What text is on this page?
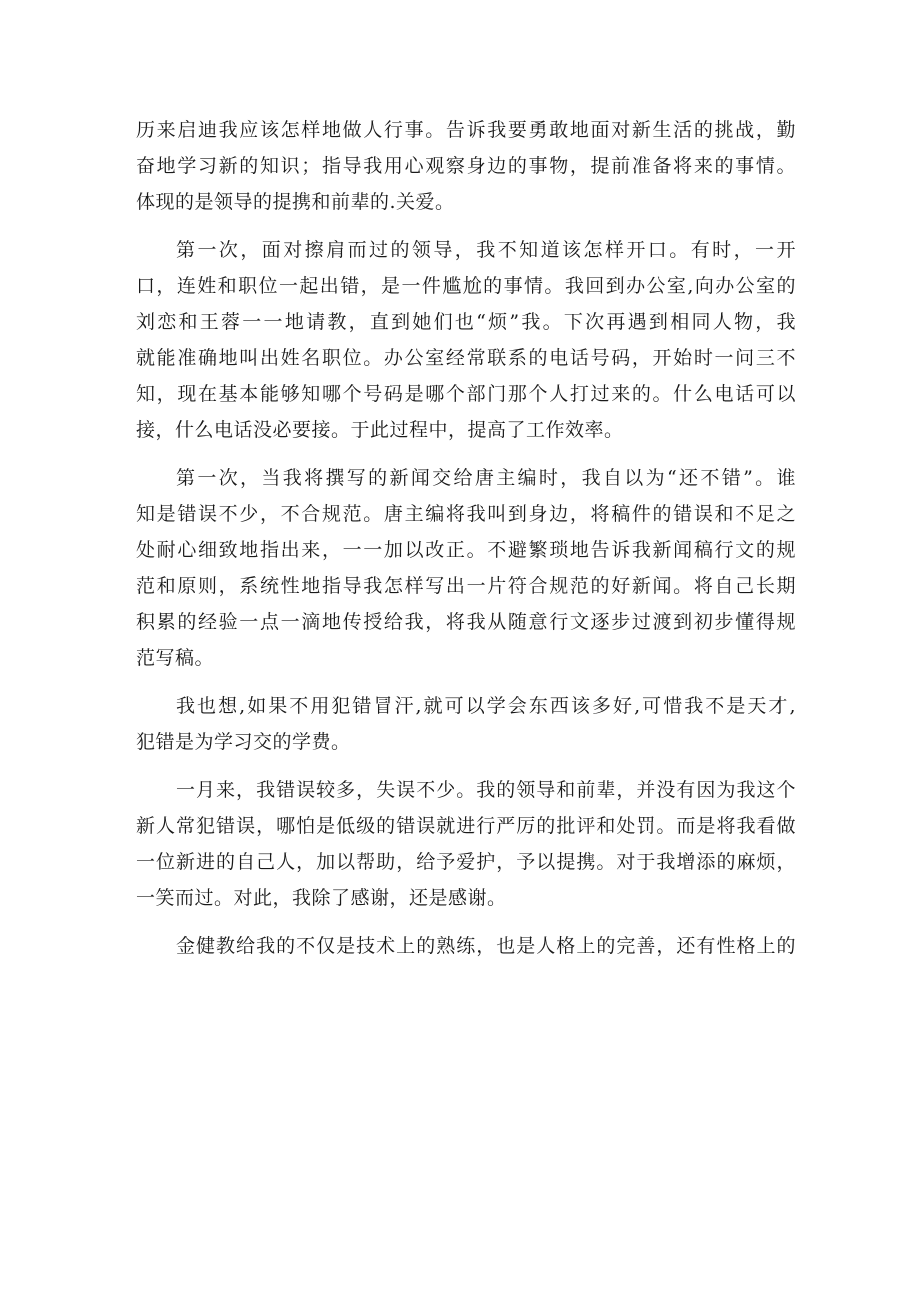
历来启迪我应该怎样地做人行事。告诉我要勇敢地面对新生活的挑战，勤
奋地学习新的知识；指导我用心观察身边的事物，提前准备将来的事情。
体现的是领导的提携和前辈的.关爱。
第一次，面对擦肩而过的领导，我不知道该怎样开口。有时，一开
口，连姓和职位一起出错，是一件尴尬的事情。我回到办公室,向办公室的
刘恋和王蓉一一地请教，直到她们也“烦”我。下次再遇到相同人物，我
就能准确地叫出姓名职位。办公室经常联系的电话号码，开始时一问三不
知，现在基本能够知哪个号码是哪个部门那个人打过来的。什么电话可以
接，什么电话没必要接。于此过程中，提高了工作效率。
第一次，当我将撰写的新闻交给唐主编时，我自以为“还不错”。谁
知是错误不少，不合规范。唐主编将我叫到身边，将稿件的错误和不足之
处耐心细致地指出来，一一加以改正。不避繁琐地告诉我新闻稿行文的规
范和原则，系统性地指导我怎样写出一片符合规范的好新闻。将自己长期
积累的经验一点一滴地传授给我，将我从随意行文逐步过渡到初步懂得规
范写稿。
我也想,如果不用犯错冒汗,就可以学会东西该多好,可惜我不是天才,
犯错是为学习交的学费。
一月来，我错误较多，失误不少。我的领导和前辈，并没有因为我这个
新人常犯错误，哪怕是低级的错误就进行严厉的批评和处罚。而是将我看做
一位新进的自己人，加以帮助，给予爱护，予以提携。对于我增添的麻烦，
一笑而过。对此，我除了感谢，还是感谢。
金健教给我的不仅是技术上的熟练，也是人格上的完善，还有性格上的
